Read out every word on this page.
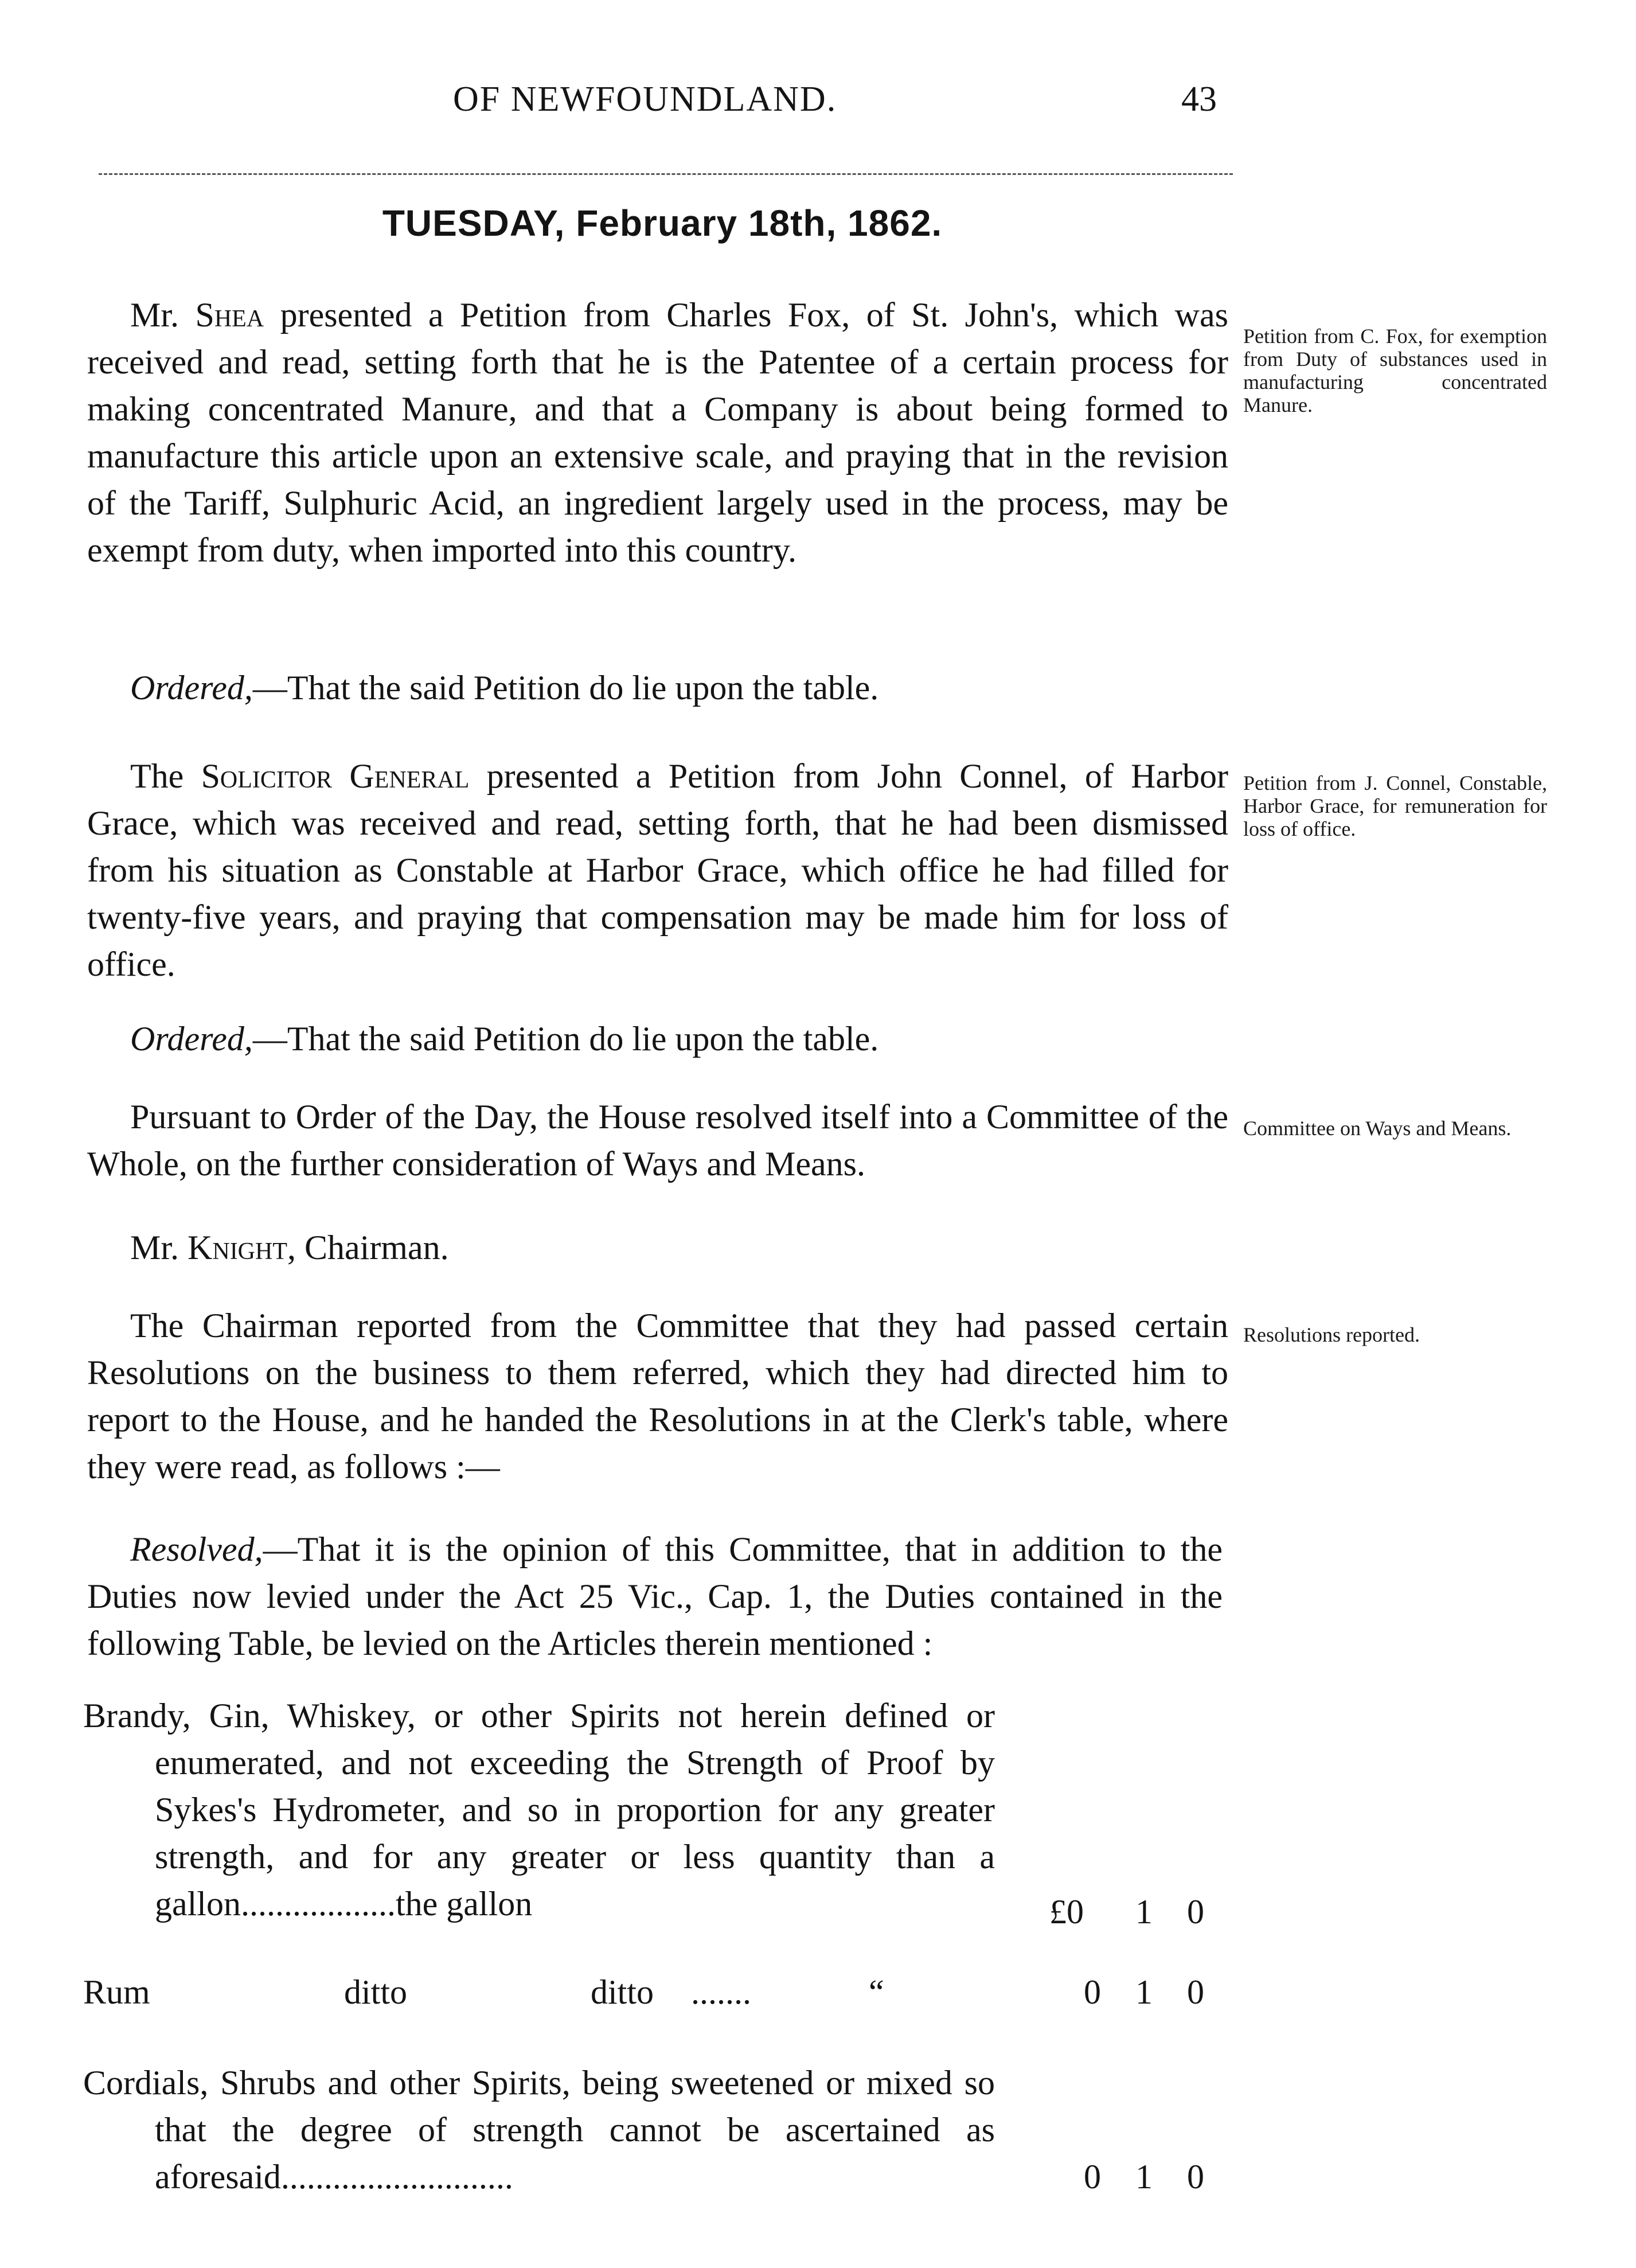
OF NEWFOUNDLAND.	43
TUESDAY, February 18th, 1862.
Mr. Shea presented a Petition from Charles Fox, of St. John's, which was received and read, setting forth that he is the Patentee of a certain process for making concentrated Manure, and that a Company is about being formed to manufacture this article upon an extensive scale, and praying that in the revision of the Tariff, Sulphuric Acid, an ingredient largely used in the process, may be exempt from duty, when imported into this country.
Petition from C. Fox, for exemption from Duty of substances used in manufacturing concentrated Manure.
Ordered,—That the said Petition do lie upon the table.
The Solicitor General presented a Petition from John Connel, of Harbor Grace, which was received and read, setting forth, that he had been dismissed from his situation as Constable at Harbor Grace, which office he had filled for twenty-five years, and praying that compensation may be made him for loss of office.
Petition from J. Connel, Constable, Harbor Grace, for remuneration for loss of office.
Ordered,—That the said Petition do lie upon the table.
Pursuant to Order of the Day, the House resolved itself into a Committee of the Whole, on the further consideration of Ways and Means.
Committee on Ways and Means.
Mr. Knight, Chairman.
The Chairman reported from the Committee that they had passed certain Resolutions on the business to them referred, which they had directed him to report to the House, and he handed the Resolutions in at the Clerk's table, where they were read, as follows :—
Resolutions reported.
Resolved,—That it is the opinion of this Committee, that in addition to the Duties now levied under the Act 25 Vic., Cap. 1, the Duties contained in the following Table, be levied on the Articles therein mentioned :
Brandy, Gin, Whiskey, or other Spirits not herein defined or enumerated, and not exceeding the Strength of Proof by Sykes's Hydrometer, and so in proportion for any greater strength, and for any greater or less quantity than a gallon..................the gallon	£0 1 0
Rum	ditto	ditto .......	“	0 1 0
Cordials, Shrubs and other Spirits, being sweetened or mixed so that the degree of strength cannot be ascertained as aforesaid...........................	0 1 0
